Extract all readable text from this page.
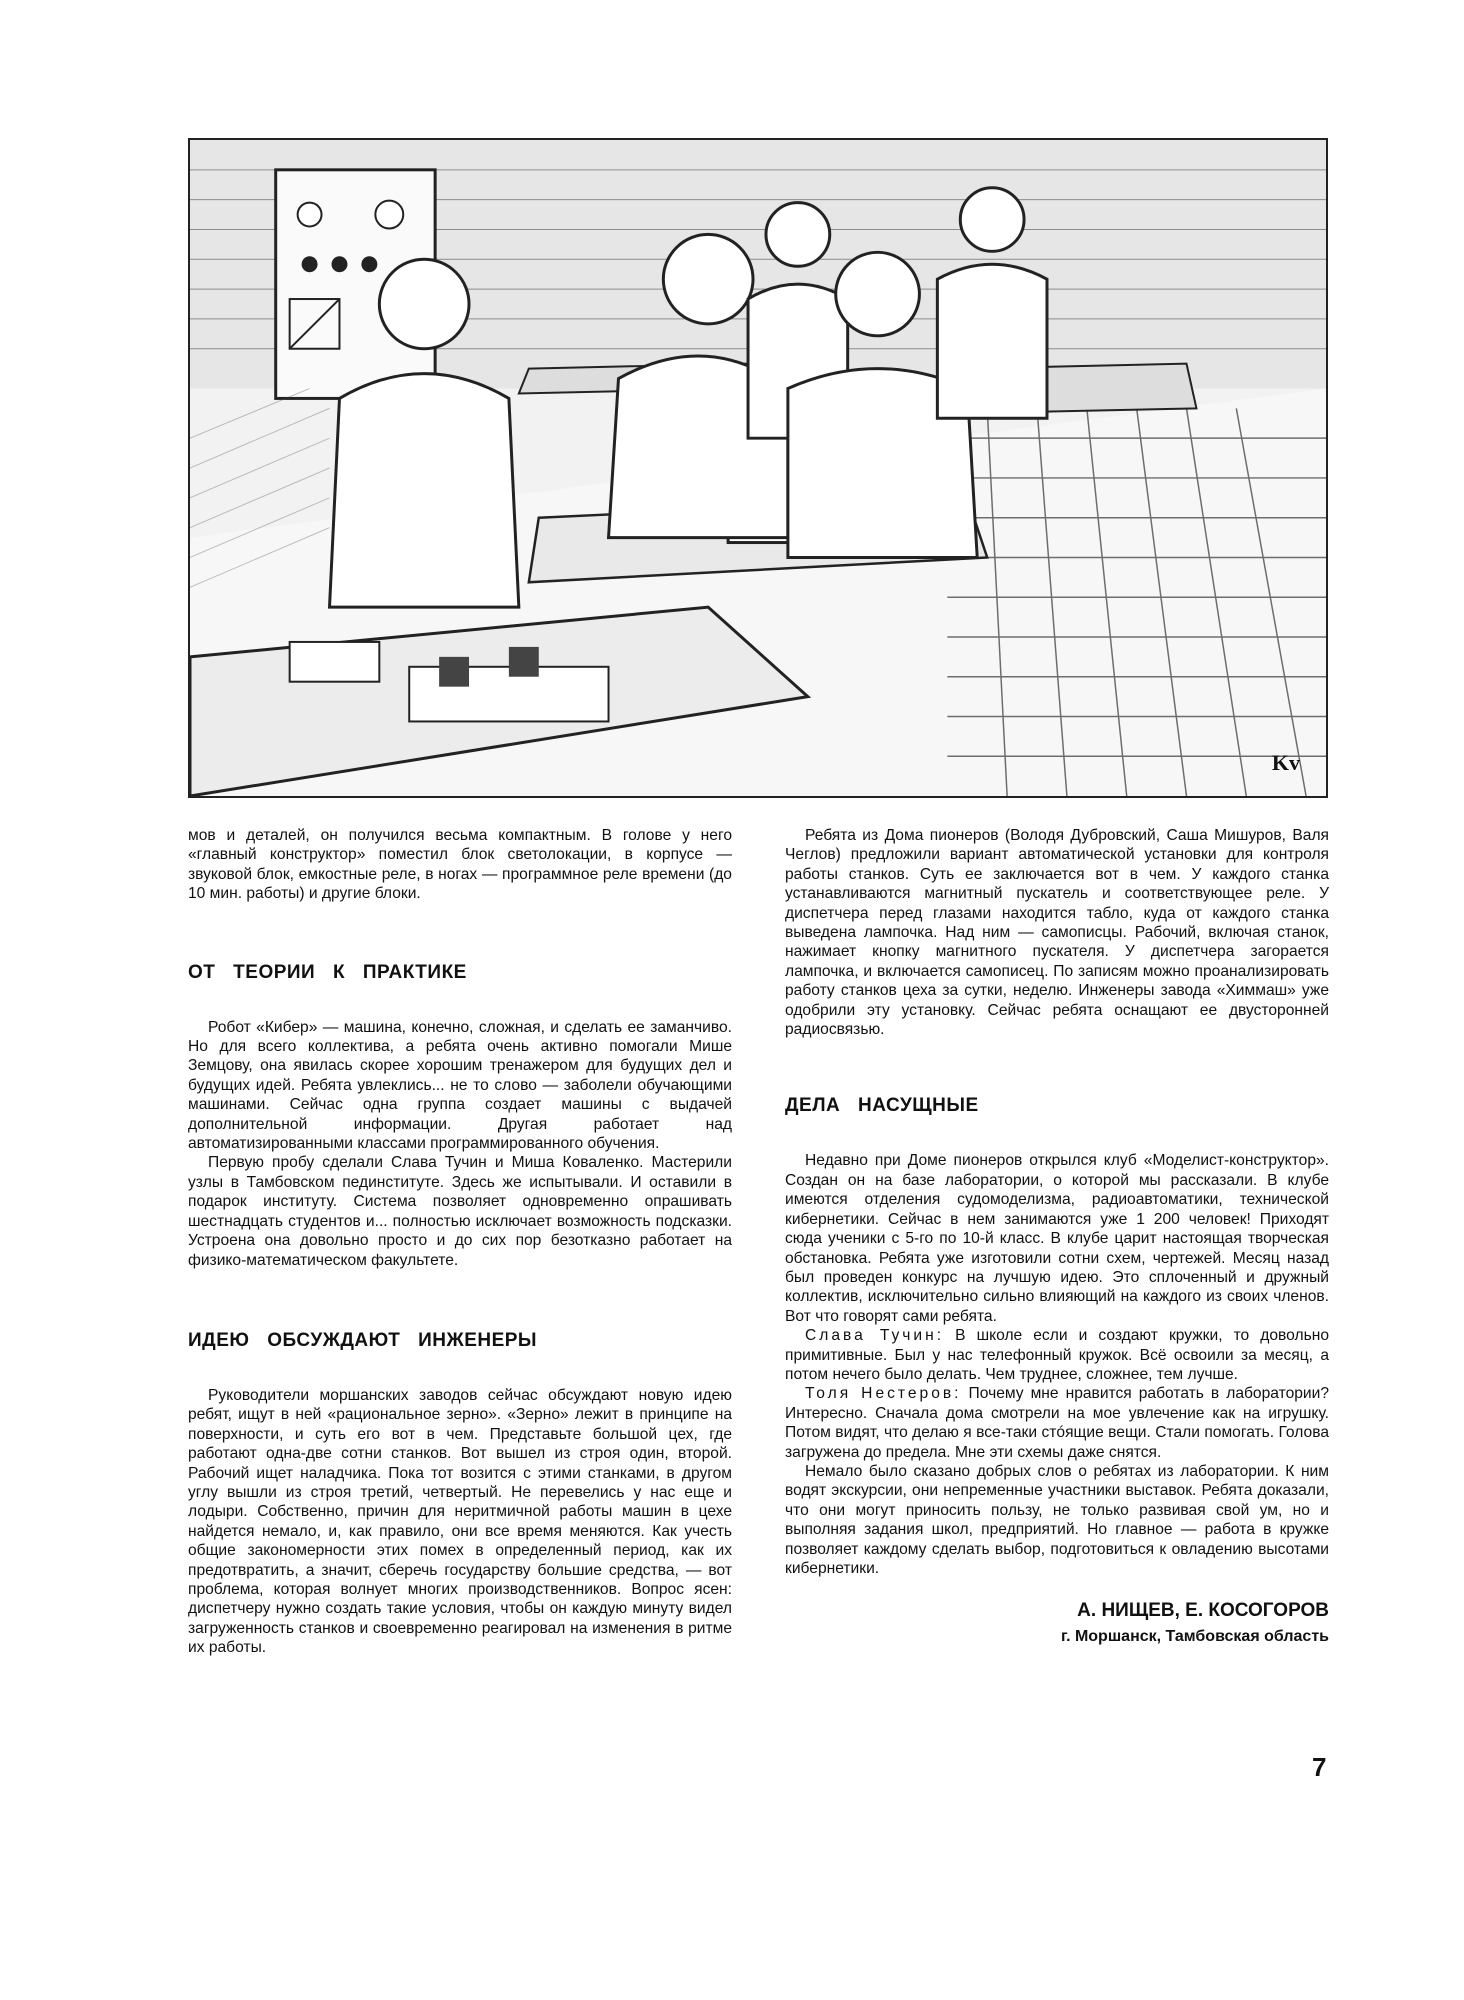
Kv

мов и деталей, он получился весьма компактным. В голове у него «главный конструктор» поместил блок светолокации, в корпусе — звуковой блок, емкостные реле, в ногах — программное реле времени (до 10 мин. работы) и другие блоки.

ОТ ТЕОРИИ К ПРАКТИКЕ

Робот «Кибер» — машина, конечно, сложная, и сделать ее заманчиво. Но для всего коллектива, а ребята очень активно помогали Мише Земцову, она явилась скорее хорошим тренажером для будущих дел и будущих идей. Ребята увлеклись... не то слово — заболели обучающими машинами. Сейчас одна группа создает машины с выдачей дополнительной информации. Другая работает над автоматизированными классами программированного обучения.

Первую пробу сделали Слава Тучин и Миша Коваленко. Мастерили узлы в Тамбовском пединституте. Здесь же испытывали. И оставили в подарок институту. Система позволяет одновременно опрашивать шестнадцать студентов и... полностью исключает возможность подсказки. Устроена она довольно просто и до сих пор безотказно работает на физико-математическом факультете.

ИДЕЮ ОБСУЖДАЮТ ИНЖЕНЕРЫ

Руководители моршанских заводов сейчас обсуждают новую идею ребят, ищут в ней «рациональное зерно». «Зерно» лежит в принципе на поверхности, и суть его вот в чем. Представьте большой цех, где работают одна-две сотни станков. Вот вышел из строя один, второй. Рабочий ищет наладчика. Пока тот возится с этими станками, в другом углу вышли из строя третий, четвертый. Не перевелись у нас еще и лодыри. Собственно, причин для неритмичной работы машин в цехе найдется немало, и, как правило, они все время меняются. Как учесть общие закономерности этих помех в определенный период, как их предотвратить, а значит, сберечь государству большие средства, — вот проблема, которая волнует многих производственников. Вопрос ясен: диспетчеру нужно создать такие условия, чтобы он каждую минуту видел загруженность станков и своевременно реагировал на изменения в ритме их работы.

Ребята из Дома пионеров (Володя Дубровский, Саша Мишуров, Валя Чеглов) предложили вариант автоматической установки для контроля работы станков. Суть ее заключается вот в чем. У каждого станка устанавливаются магнитный пускатель и соответствующее реле. У диспетчера перед глазами находится табло, куда от каждого станка выведена лампочка. Над ним — самописцы. Рабочий, включая станок, нажимает кнопку магнитного пускателя. У диспетчера загорается лампочка, и включается самописец. По записям можно проанализировать работу станков цеха за сутки, неделю. Инженеры завода «Химмаш» уже одобрили эту установку. Сейчас ребята оснащают ее двусторонней радиосвязью.

ДЕЛА НАСУЩНЫЕ

Недавно при Доме пионеров открылся клуб «Моделист-конструктор». Создан он на базе лаборатории, о которой мы рассказали. В клубе имеются отделения судомоделизма, радиоавтоматики, технической кибернетики. Сейчас в нем занимаются уже 1 200 человек! Приходят сюда ученики с 5-го по 10-й класс. В клубе царит настоящая творческая обстановка. Ребята уже изготовили сотни схем, чертежей. Месяц назад был проведен конкурс на лучшую идею. Это сплоченный и дружный коллектив, исключительно сильно влияющий на каждого из своих членов. Вот что говорят сами ребята.

Слава Тучин: В школе если и создают кружки, то довольно примитивные. Был у нас телефонный кружок. Всё освоили за месяц, а потом нечего было делать. Чем труднее, сложнее, тем лучше.

Толя Нестеров: Почему мне нравится работать в лаборатории? Интересно. Сначала дома смотрели на мое увлечение как на игрушку. Потом видят, что делаю я все-таки стóящие вещи. Стали помогать. Голова загружена до предела. Мне эти схемы даже снятся.

Немало было сказано добрых слов о ребятах из лаборатории. К ним водят экскурсии, они непременные участники выставок. Ребята доказали, что они могут приносить пользу, не только развивая свой ум, но и выполняя задания школ, предприятий. Но главное — работа в кружке позволяет каждому сделать выбор, подготовиться к овладению высотами кибернетики.

А. НИЩЕВ, Е. КОСОГОРОВ
г. Моршанск, Тамбовская область
7
